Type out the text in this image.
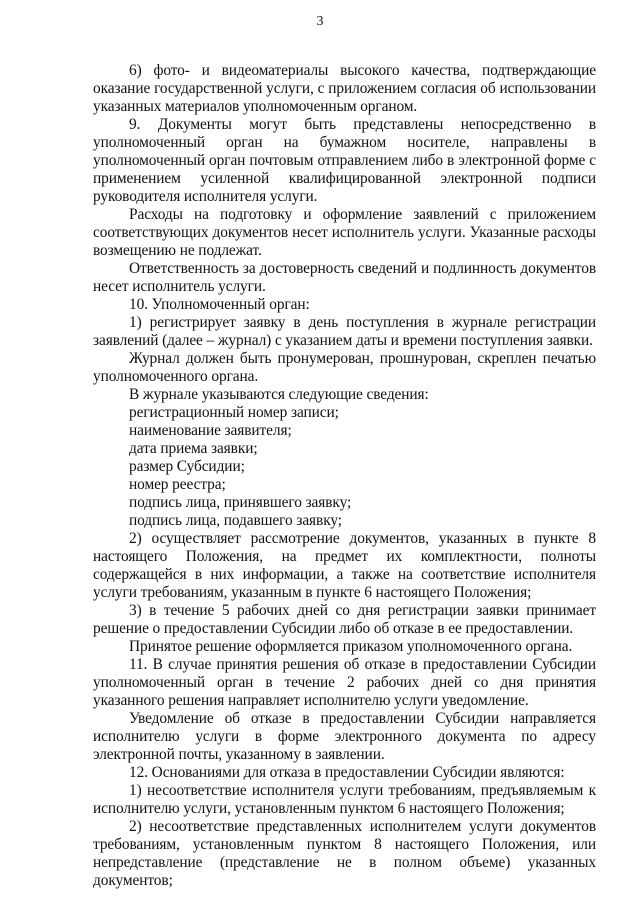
3

6) фото- и видеоматериалы высокого качества, подтверждающие оказание государственной услуги, с приложением согласия об использовании указанных материалов уполномоченным органом.

9. Документы могут быть представлены непосредственно в уполномоченный орган на бумажном носителе, направлены в уполномоченный орган почтовым отправлением либо в электронной форме с применением усиленной квалифицированной электронной подписи руководителя исполнителя услуги.

Расходы на подготовку и оформление заявлений с приложением соответствующих документов несет исполнитель услуги. Указанные расходы возмещению не подлежат.

Ответственность за достоверность сведений и подлинность документов несет исполнитель услуги.

10. Уполномоченный орган:

1) регистрирует заявку в день поступления в журнале регистрации заявлений (далее – журнал) с указанием даты и времени поступления заявки.

Журнал должен быть пронумерован, прошнурован, скреплен печатью уполномоченного органа.

В журнале указываются следующие сведения:

регистрационный номер записи;

наименование заявителя;

дата приема заявки;

размер Субсидии;

номер реестра;

подпись лица, принявшего заявку;

подпись лица, подавшего заявку;

2) осуществляет рассмотрение документов, указанных в пункте 8 настоящего Положения, на предмет их комплектности, полноты содержащейся в них информации, а также на соответствие исполнителя услуги требованиям, указанным в пункте 6 настоящего Положения;

3) в течение 5 рабочих дней со дня регистрации заявки принимает решение о предоставлении Субсидии либо об отказе в ее предоставлении.

Принятое решение оформляется приказом уполномоченного органа.

11. В случае принятия решения об отказе в предоставлении Субсидии уполномоченный орган в течение 2 рабочих дней со дня принятия указанного решения направляет исполнителю услуги уведомление.

Уведомление об отказе в предоставлении Субсидии направляется исполнителю услуги в форме электронного документа по адресу электронной почты, указанному в заявлении.

12. Основаниями для отказа в предоставлении Субсидии являются:

1) несоответствие исполнителя услуги требованиям, предъявляемым к исполнителю услуги, установленным пунктом 6 настоящего Положения;

2) несоответствие представленных исполнителем услуги документов требованиям, установленным пунктом 8 настоящего Положения, или непредставление (представление не в полном объеме) указанных документов;
